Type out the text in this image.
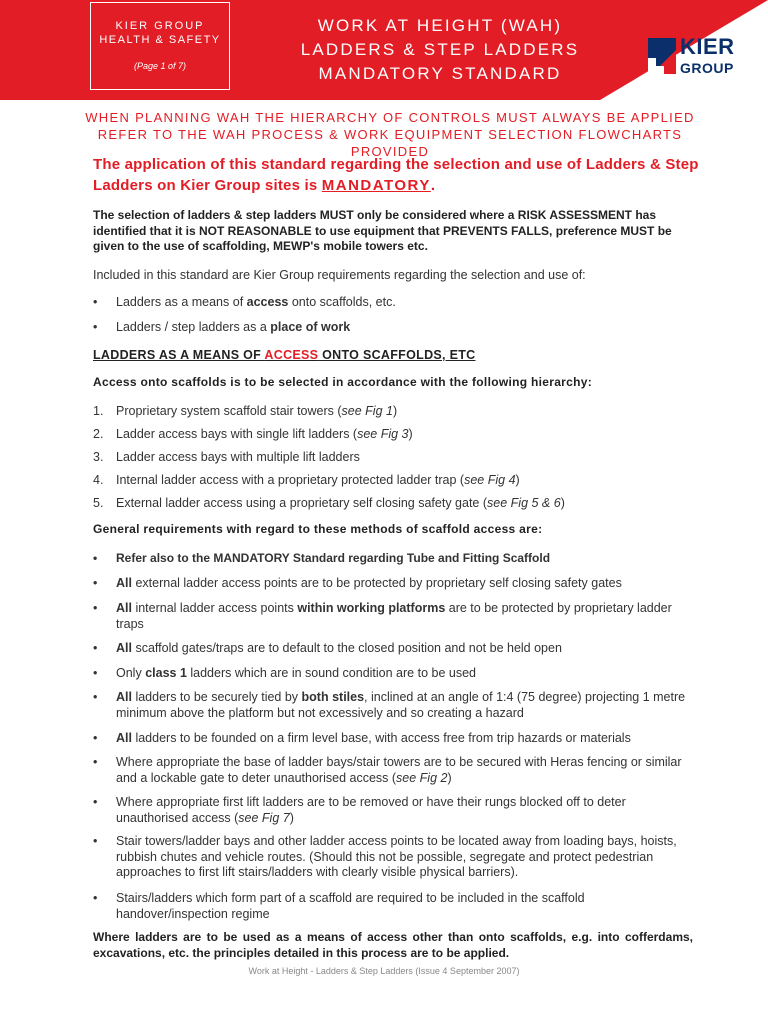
KIER GROUP
HEALTH & SAFETY
(Page 1 of 7)
WORK AT HEIGHT (WAH)
LADDERS & STEP LADDERS
MANDATORY STANDARD
KIER
GROUP
WHEN PLANNING WAH THE HIERARCHY OF CONTROLS MUST ALWAYS BE APPLIED
REFER TO THE WAH PROCESS & WORK EQUIPMENT SELECTION FLOWCHARTS PROVIDED
The application of this standard regarding the selection and use of Ladders & Step Ladders on Kier Group sites is MANDATORY.
The selection of ladders & step ladders MUST only be considered where a RISK ASSESSMENT has identified that it is NOT REASONABLE to use equipment that PREVENTS FALLS, preference MUST be given to the use of scaffolding, MEWP's mobile towers etc.
Included in this standard are Kier Group requirements regarding the selection and use of:
• Ladders as a means of access onto scaffolds, etc.
• Ladders / step ladders as a place of work
LADDERS AS A MEANS OF ACCESS ONTO SCAFFOLDS, ETC
Access onto scaffolds is to be selected in accordance with the following hierarchy:
1. Proprietary system scaffold stair towers (see Fig 1)
2. Ladder access bays with single lift ladders (see Fig 3)
3. Ladder access bays with multiple lift ladders
4. Internal ladder access with a proprietary protected ladder trap (see Fig 4)
5. External ladder access using a proprietary self closing safety gate (see Fig 5 & 6)
General requirements with regard to these methods of scaffold access are:
• Refer also to the MANDATORY Standard regarding Tube and Fitting Scaffold
• All external ladder access points are to be protected by proprietary self closing safety gates
• All internal ladder access points within working platforms are to be protected by proprietary ladder traps
• All scaffold gates/traps are to default to the closed position and not be held open
• Only class 1 ladders which are in sound condition are to be used
• All ladders to be securely tied by both stiles, inclined at an angle of 1:4 (75 degree) projecting 1 metre minimum above the platform but not excessively and so creating a hazard
• All ladders to be founded on a firm level base, with access free from trip hazards or materials
• Where appropriate the base of ladder bays/stair towers are to be secured with Heras fencing or similar and a lockable gate to deter unauthorised access (see Fig 2)
• Where appropriate first lift ladders are to be removed or have their rungs blocked off to deter unauthorised access (see Fig 7)
• Stair towers/ladder bays and other ladder access points to be located away from loading bays, hoists, rubbish chutes and vehicle routes. (Should this not be possible, segregate and protect pedestrian approaches to first lift stairs/ladders with clearly visible physical barriers).
• Stairs/ladders which form part of a scaffold are required to be included in the scaffold handover/inspection regime
Where ladders are to be used as a means of access other than onto scaffolds, e.g. into cofferdams, excavations, etc. the principles detailed in this process are to be applied.
Work at Height - Ladders & Step Ladders (Issue 4 September 2007)
